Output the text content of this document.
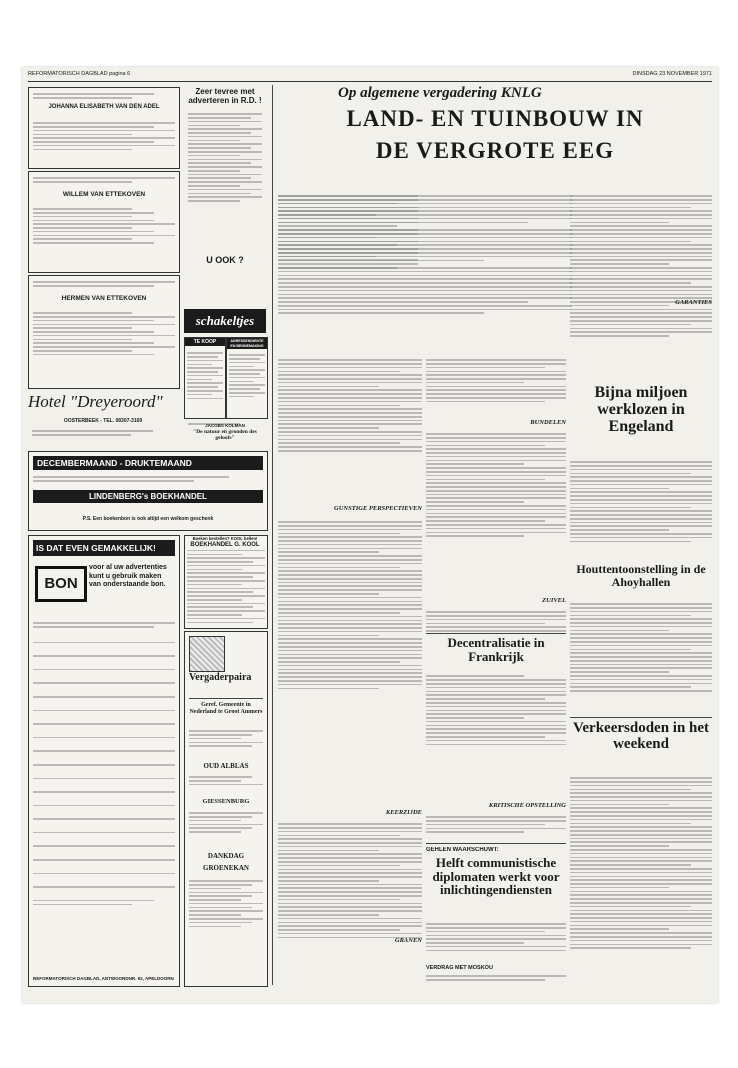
REFORMATORISCH DAGBLAD pagina 6	DINSDAG 23 NOVEMBER 1971
JOHANNA ELISABETH VAN DEN ADEL
WILLEM VAN ETTEKOVEN
HERMEN VAN ETTEKOVEN
Hotel "Dreyeroord"
OOSTERBEEK - TEL. 08307-3169
DECEMBERMAAND - DRUKTEMAAND
LINDENBERG's BOEKHANDEL
P.S. Een boekenbon is ook altijd een welkom geschenk
IS DAT EVEN GEMAKKELIJK!
BON
voor al uw advertenties kunt u gebruik maken van onderstaande bon.
REFORMATORISCH DAGBLAD, ANTWOORDNR. 92, APELDOORN
Zeer tevree met adverteren in R.D. !
U OOK ?
schakeltjes
TE KOOP	ADRESSENDIENTE EN BENNEMAKING
JACOBS KOLMAN
"De natuur en gronden des geloofs"
Vergaderpaira
Geref. Gemeente in Nederland te Groot Ammers
OUD ALBLAS
GIESSENBURG
DANKDAG
GROENEKAN
Op algemene vergadering KNLG
LAND- EN TUINBOUW IN
DE VERGROTE EEG
GUNSTIGE PERSPECTIEVEN
KEERZIJDE
BUNDELEN
ZUIVEL
KRITISCHE OPSTELLING
Bijna miljoen werklozen in Engeland
Houttentoonstelling in de Ahoyhallen
Verkeersdoden in het weekend
GEHLEN WAARSCHUWT:
Helft communistische diplomaten werkt voor inlichtingendiensten
VERDRAG MET MOSKOU
GARANTIES
GRANEN
Decentralisatie in Frankrijk
Boeken bestellen? KOOL bellen!
BOEKHANDEL G. KOOL
